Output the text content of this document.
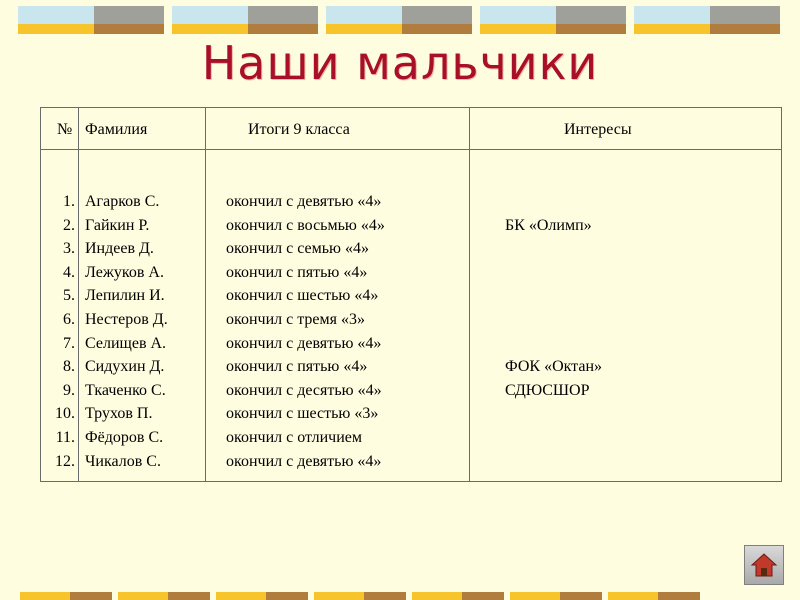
Наши мальчики
№ Фамилия	Итоги 9 класса	Интересы
1. Агарков С.	окончил с девятью «4»
2. Гайкин Р.	окончил с восьмью «4»	БК «Олимп»
3. Индеев Д.	окончил с семью «4»
4. Лежуков А.	окончил с пятью «4»
5. Лепилин И.	окончил с шестью «4»
6. Нестеров Д.	окончил с тремя «3»
7. Селищев А.	окончил с девятью «4»
8. Сидухин Д.	окончил с пятью «4»	ФОК «Октан»
9. Ткаченко С.	окончил с десятью «4»	СДЮСШОР
10. Трухов П.	окончил с шестью «3»
11. Фёдоров С.	окончил с отличием
12. Чикалов С.	окончил с девятью «4»
